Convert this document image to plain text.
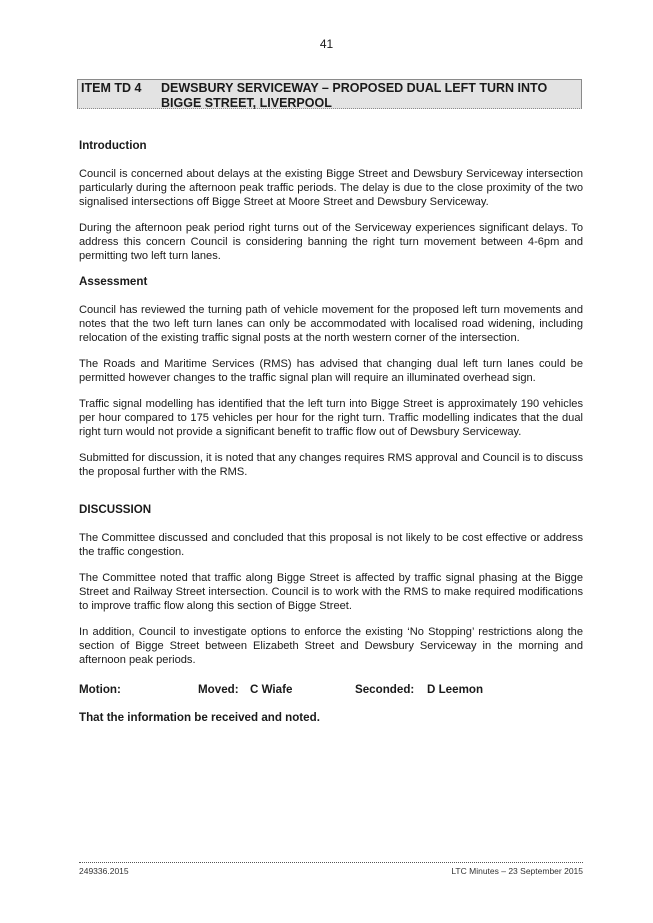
41
ITEM TD 4 DEWSBURY SERVICEWAY – PROPOSED DUAL LEFT TURN INTO BIGGE STREET, LIVERPOOL
Introduction

Council is concerned about delays at the existing Bigge Street and Dewsbury Serviceway intersection particularly during the afternoon peak traffic periods. The delay is due to the close proximity of the two signalised intersections off Bigge Street at Moore Street and Dewsbury Serviceway.

During the afternoon peak period right turns out of the Serviceway experiences significant delays. To address this concern Council is considering banning the right turn movement between 4-6pm and permitting two left turn lanes.

Assessment

Council has reviewed the turning path of vehicle movement for the proposed left turn movements and notes that the two left turn lanes can only be accommodated with localised road widening, including relocation of the existing traffic signal posts at the north western corner of the intersection.

The Roads and Maritime Services (RMS) has advised that changing dual left turn lanes could be permitted however changes to the traffic signal plan will require an illuminated overhead sign.

Traffic signal modelling has identified that the left turn into Bigge Street is approximately 190 vehicles per hour compared to 175 vehicles per hour for the right turn. Traffic modelling indicates that the dual right turn would not provide a significant benefit to traffic flow out of Dewsbury Serviceway.

Submitted for discussion, it is noted that any changes requires RMS approval and Council is to discuss the proposal further with the RMS.

DISCUSSION

The Committee discussed and concluded that this proposal is not likely to be cost effective or address the traffic congestion.

The Committee noted that traffic along Bigge Street is affected by traffic signal phasing at the Bigge Street and Railway Street intersection. Council is to work with the RMS to make required modifications to improve traffic flow along this section of Bigge Street.

In addition, Council to investigate options to enforce the existing ‘No Stopping’ restrictions along the section of Bigge Street between Elizabeth Street and Dewsbury Serviceway in the morning and afternoon peak periods.

Motion:	Moved: C Wiafe	Seconded: D Leemon
That the information be received and noted.
249336.2015	LTC Minutes – 23 September 2015
